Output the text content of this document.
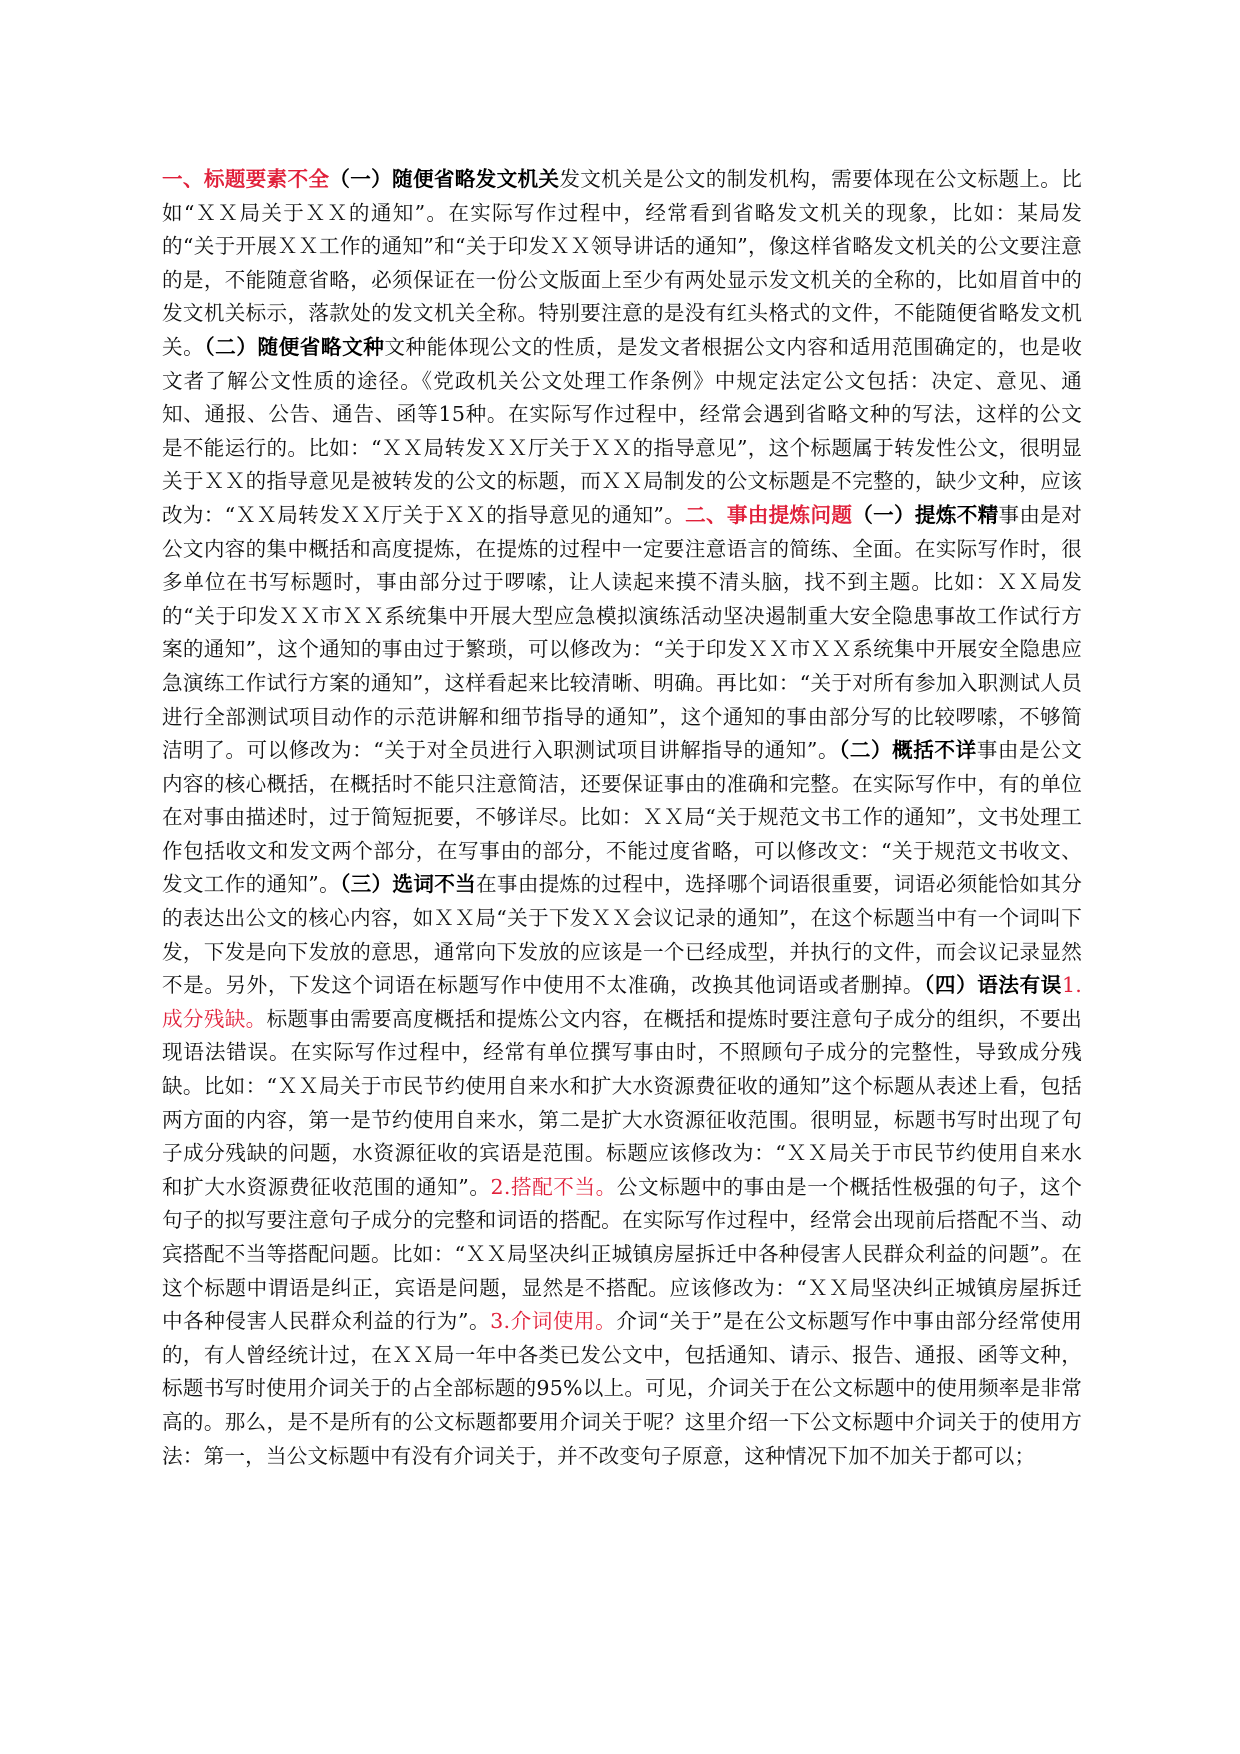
一、标题要素不全（一）随便省略发文机关发文机关是公文的制发机构，需要体现在公文标题上。比如“ＸＸ局关于ＸＸ的通知”。在实际写作过程中，经常看到省略发文机关的现象，比如：某局发的“关于开展ＸＸ工作的通知”和“关于印发ＸＸ领导讲话的通知”，像这样省略发文机关的公文要注意的是，不能随意省略，必须保证在一份公文版面上至少有两处显示发文机关的全称的，比如眉首中的发文机关标示，落款处的发文机关全称。特别要注意的是没有红头格式的文件，不能随便省略发文机关。（二）随便省略文种文种能体现公文的性质，是发文者根据公文内容和适用范围确定的，也是收文者了解公文性质的途径。《党政机关公文处理工作条例》中规定法定公文包括：决定、意见、通知、通报、公告、通告、函等15种。在实际写作过程中，经常会遇到省略文种的写法，这样的公文是不能运行的。比如：“ＸＸ局转发ＸＸ厅关于ＸＸ的指导意见”，这个标题属于转发性公文，很明显关于ＸＸ的指导意见是被转发的公文的标题，而ＸＸ局制发的公文标题是不完整的，缺少文种，应该改为：“ＸＸ局转发ＸＸ厅关于ＸＸ的指导意见的通知”。二、事由提炼问题（一）提炼不精事由是对公文内容的集中概括和高度提炼，在提炼的过程中一定要注意语言的简练、全面。在实际写作时，很多单位在书写标题时，事由部分过于啰嗦，让人读起来摸不清头脑，找不到主题。比如：ＸＸ局发的“关于印发ＸＸ市ＸＸ系统集中开展大型应急模拟演练活动坚决遏制重大安全隐患事故工作试行方案的通知”，这个通知的事由过于繁琐，可以修改为：“关于印发ＸＸ市ＸＸ系统集中开展安全隐患应急演练工作试行方案的通知”，这样看起来比较清晰、明确。再比如：“关于对所有参加入职测试人员进行全部测试项目动作的示范讲解和细节指导的通知”，这个通知的事由部分写的比较啰嗦，不够简洁明了。可以修改为：“关于对全员进行入职测试项目讲解指导的通知”。（二）概括不详事由是公文内容的核心概括，在概括时不能只注意简洁，还要保证事由的准确和完整。在实际写作中，有的单位在对事由描述时，过于简短扼要，不够详尽。比如：ＸＸ局“关于规范文书工作的通知”，文书处理工作包括收文和发文两个部分，在写事由的部分，不能过度省略，可以修改文：“关于规范文书收文、发文工作的通知”。（三）选词不当在事由提炼的过程中，选择哪个词语很重要，词语必须能恰如其分的表达出公文的核心内容，如ＸＸ局“关于下发ＸＸ会议记录的通知”，在这个标题当中有一个词叫下发，下发是向下发放的意思，通常向下发放的应该是一个已经成型，并执行的文件，而会议记录显然不是。另外，下发这个词语在标题写作中使用不太准确，改换其他词语或者删掉。（四）语法有误1.成分残缺。标题事由需要高度概括和提炼公文内容，在概括和提炼时要注意句子成分的组织，不要出现语法错误。在实际写作过程中，经常有单位撰写事由时，不照顾句子成分的完整性，导致成分残缺。比如：“ＸＸ局关于市民节约使用自来水和扩大水资源费征收的通知”这个标题从表述上看，包括两方面的内容，第一是节约使用自来水，第二是扩大水资源征收范围。很明显，标题书写时出现了句子成分残缺的问题，水资源征收的宾语是范围。标题应该修改为：“ＸＸ局关于市民节约使用自来水和扩大水资源费征收范围的通知”。2.搭配不当。公文标题中的事由是一个概括性极强的句子，这个句子的拟写要注意句子成分的完整和词语的搭配。在实际写作过程中，经常会出现前后搭配不当、动宾搭配不当等搭配问题。比如：“ＸＸ局坚决纠正城镇房屋拆迁中各种侵害人民群众利益的问题”。在这个标题中谓语是纠正，宾语是问题，显然是不搭配。应该修改为：“ＸＸ局坚决纠正城镇房屋拆迁中各种侵害人民群众利益的行为”。3.介词使用。介词“关于”是在公文标题写作中事由部分经常使用的，有人曾经统计过，在ＸＸ局一年中各类已发公文中，包括通知、请示、报告、通报、函等文种，标题书写时使用介词关于的占全部标题的95%以上。可见，介词关于在公文标题中的使用频率是非常高的。那么，是不是所有的公文标题都要用介词关于呢？这里介绍一下公文标题中介词关于的使用方法：第一，当公文标题中有没有介词关于，并不改变句子原意，这种情况下加不加关于都可以；
